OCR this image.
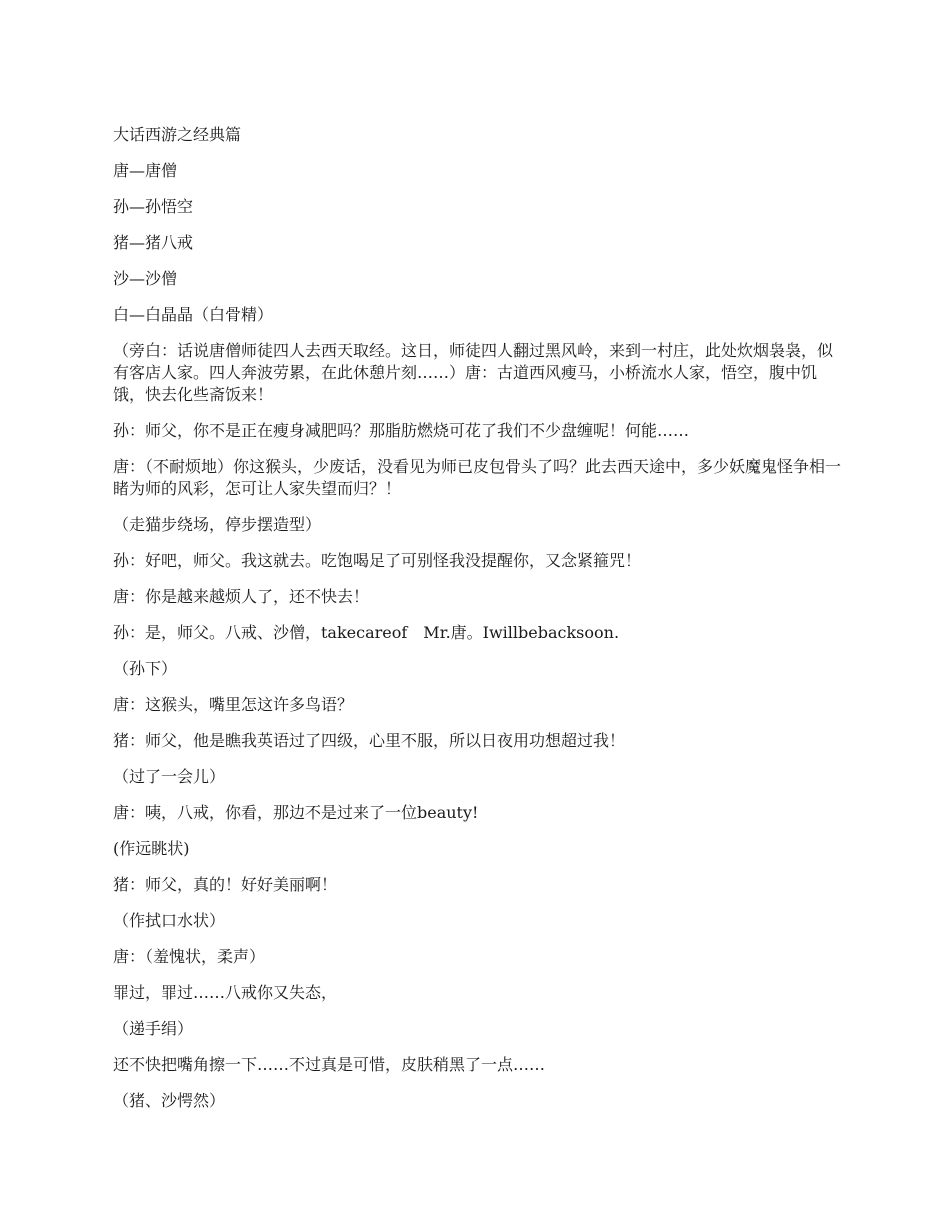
大话西游之经典篇

唐—唐僧

孙—孙悟空

猪—猪八戒

沙—沙僧

白—白晶晶（白骨精）

（旁白：话说唐僧师徒四人去西天取经。这日，师徒四人翻过黑风岭，来到一村庄，此处炊烟袅袅，似有客店人家。四人奔波劳累，在此休憩片刻……）唐：古道西风瘦马，小桥流水人家，悟空，腹中饥饿，快去化些斋饭来！

孙：师父，你不是正在瘦身减肥吗？那脂肪燃烧可花了我们不少盘缠呢！何能……

唐：（不耐烦地）你这猴头，少废话，没看见为师已皮包骨头了吗？此去西天途中，多少妖魔鬼怪争相一睹为师的风彩，怎可让人家失望而归？！

（走猫步绕场，停步摆造型）

孙：好吧，师父。我这就去。吃饱喝足了可别怪我没提醒你，又念紧箍咒！

唐：你是越来越烦人了，还不快去！

孙：是，师父。八戒、沙僧，takecareof　Mr.唐。Iwillbebacksoon.

（孙下）

唐：这猴头，嘴里怎这许多鸟语？

猪：师父，他是瞧我英语过了四级，心里不服，所以日夜用功想超过我！

（过了一会儿）

唐：咦，八戒，你看，那边不是过来了一位beauty!

(作远眺状)

猪：师父，真的！好好美丽啊！

（作拭口水状）

唐：（羞愧状，柔声）

罪过，罪过……八戒你又失态，

（递手绢）

还不快把嘴角擦一下……不过真是可惜，皮肤稍黑了一点……

（猪、沙愕然）
